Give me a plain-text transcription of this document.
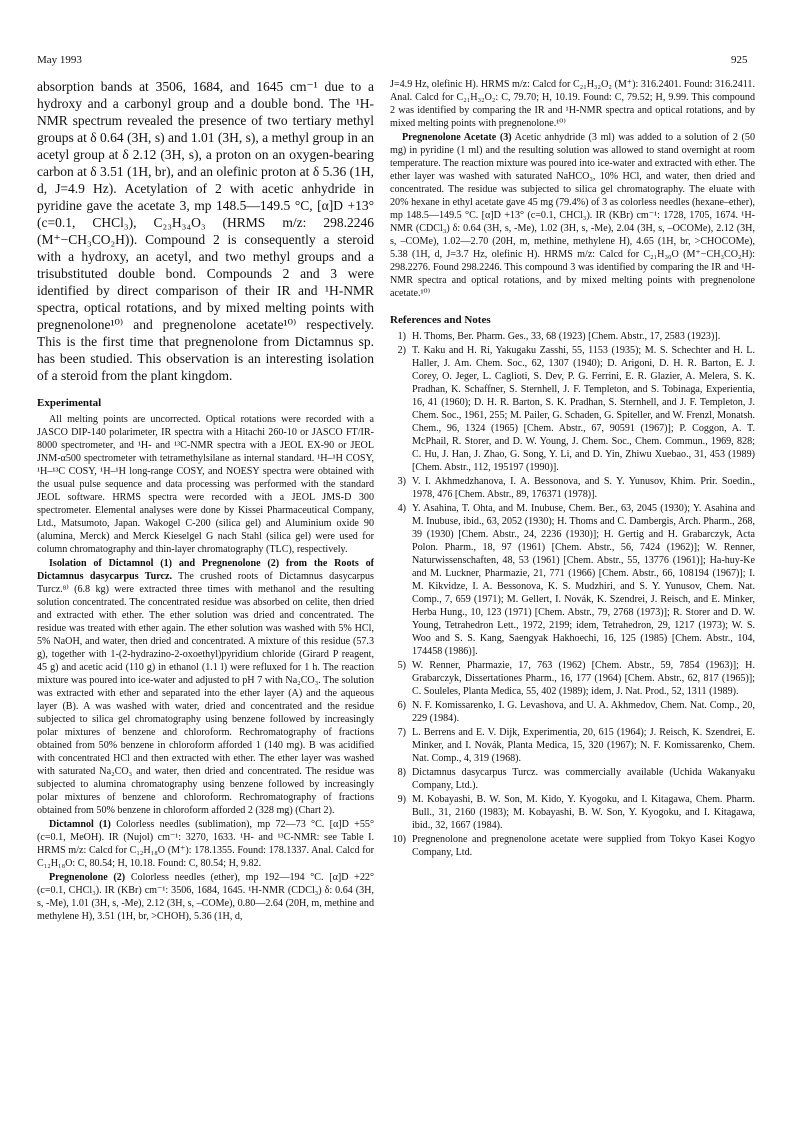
May 1993	925

absorption bands at 3506, 1684, and 1645 cm⁻¹ due to a hydroxy and a carbonyl group and a double bond. The ¹H-NMR spectrum revealed the presence of two tertiary methyl groups at δ 0.64 (3H, s) and 1.01 (3H, s), a methyl group in an acetyl group at δ 2.12 (3H, s), a proton on an oxygen-bearing carbon at δ 3.51 (1H, br), and an olefinic proton at δ 5.36 (1H, d, J=4.9 Hz). Acetylation of 2 with acetic anhydride in pyridine gave the acetate 3, mp 148.5—149.5 °C, [α]D +13° (c=0.1, CHCl₃), C₂₃H₃₄O₃ (HRMS m/z: 298.2246 (M⁺−CH₃CO₂H)). Compound 2 is consequently a steroid with a hydroxy, an acetyl, and two methyl groups and a trisubstituted double bond. Compounds 2 and 3 were identified by direct comparison of their IR and ¹H-NMR spectra, optical rotations, and by mixed melting points with pregnenolone¹⁰⁾ and pregnenolone acetate¹⁰⁾ respectively. This is the first time that pregnenolone from Dictamnus sp. has been studied. This observation is an interesting isolation of a steroid from the plant kingdom.

Experimental

All melting points are uncorrected. Optical rotations were recorded with a JASCO DIP-140 polarimeter, IR spectra with a Hitachi 260-10 or JASCO FT/IR-8000 spectrometer, and ¹H- and ¹³C-NMR spectra with a JEOL EX-90 or JEOL JNM-α500 spectrometer with tetramethylsilane as internal standard. ¹H–¹H COSY, ¹H–¹³C COSY, ¹H–¹H long-range COSY, and NOESY spectra were obtained with the usual pulse sequence and data processing was performed with the standard JEOL software. HRMS spectra were recorded with a JEOL JMS-D 300 spectrometer. Elemental analyses were done by Kissei Pharmaceutical Company, Ltd., Matsumoto, Japan. Wakogel C-200 (silica gel) and Aluminium oxide 90 (alumina, Merck) and Merck Kieselgel G nach Stahl (silica gel) were used for column chromatography and thin-layer chromatography (TLC), respectively.

Isolation of Dictamnol (1) and Pregnenolone (2) from the Roots of Dictamnus dasycarpus Turcz. The crushed roots of Dictamnus dasycarpus Turcz.⁸⁾ (6.8 kg) were extracted three times with methanol and the resulting solution concentrated. The concentrated residue was absorbed on celite, then dried and extracted with ether. The ether solution was dried and concentrated. The residue was treated with ether again. The ether solution was washed with 5% HCl, 5% NaOH, and water, then dried and concentrated. A mixture of this residue (57.3 g), together with 1-(2-hydrazino-2-oxoethyl)pyridium chloride (Girard P reagent, 45 g) and acetic acid (110 g) in ethanol (1.1 l) were refluxed for 1 h. The reaction mixture was poured into ice-water and adjusted to pH 7 with Na₂CO₃. The solution was extracted with ether and separated into the ether layer (A) and the aqueous layer (B). A was washed with water, dried and concentrated and the residue subjected to silica gel chromatography using benzene followed by increasingly polar mixtures of benzene and chloroform. Rechromatography of fractions obtained from 50% benzene in chloroform afforded 1 (140 mg). B was acidified with concentrated HCl and then extracted with ether. The ether layer was washed with saturated Na₂CO₃ and water, then dried and concentrated. The residue was subjected to alumina chromatography using benzene followed by increasingly polar mixtures of benzene and chloroform. Rechromatography of fractions obtained from 50% benzene in chloroform afforded 2 (328 mg) (Chart 2).

Dictamnol (1) Colorless needles (sublimation), mp 72—73 °C. [α]D +55° (c=0.1, MeOH). IR (Nujol) cm⁻¹: 3270, 1633. ¹H- and ¹³C-NMR: see Table I. HRMS m/z: Calcd for C₁₂H₁₈O (M⁺): 178.1355. Found: 178.1337. Anal. Calcd for C₁₂H₁₈O: C, 80.54; H, 10.18. Found: C, 80.54; H, 9.82.

Pregnenolone (2) Colorless needles (ether), mp 192—194 °C. [α]D +22° (c=0.1, CHCl₃). IR (KBr) cm⁻¹: 3506, 1684, 1645. ¹H-NMR (CDCl₃) δ: 0.64 (3H, s, -Me), 1.01 (3H, s, -Me), 2.12 (3H, s, –COMe), 0.80—2.64 (20H, m, methine and methylene H), 3.51 (1H, br, >CHOH), 5.36 (1H, d,

J=4.9 Hz, olefinic H). HRMS m/z: Calcd for C₂₁H₃₂O₂ (M⁺): 316.2401. Found: 316.2411. Anal. Calcd for C₂₁H₃₂O₂: C, 79.70; H, 10.19. Found: C, 79.52; H, 9.99. This compound 2 was identified by comparing the IR and ¹H-NMR spectra and optical rotations, and by mixed melting points with pregnenolone.¹⁰⁾

Pregnenolone Acetate (3) Acetic anhydride (3 ml) was added to a solution of 2 (50 mg) in pyridine (1 ml) and the resulting solution was allowed to stand overnight at room temperature. The reaction mixture was poured into ice-water and extracted with ether. The ether layer was washed with saturated NaHCO₃, 10% HCl, and water, then dried and concentrated. The residue was subjected to silica gel chromatography. The eluate with 20% hexane in ethyl acetate gave 45 mg (79.4%) of 3 as colorless needles (hexane–ether), mp 148.5—149.5 °C. [α]D +13° (c=0.1, CHCl₃). IR (KBr) cm⁻¹: 1728, 1705, 1674. ¹H-NMR (CDCl₃) δ: 0.64 (3H, s, -Me), 1.02 (3H, s, -Me), 2.04 (3H, s, –OCOMe), 2.12 (3H, s, –COMe), 1.02—2.70 (20H, m, methine, methylene H), 4.65 (1H, br, >CHOCOMe), 5.38 (1H, d, J=3.7 Hz, olefinic H). HRMS m/z: Calcd for C₂₁H₃₀O (M⁺−CH₃CO₂H): 298.2276. Found 298.2246. This compound 3 was identified by comparing the IR and ¹H-NMR spectra and optical rotations, and by mixed melting points with pregnenolone acetate.¹⁰⁾

References and Notes
1) H. Thoms, Ber. Pharm. Ges., 33, 68 (1923) [Chem. Abstr., 17, 2583 (1923)].
2) T. Kaku and H. Ri, Yakugaku Zasshi, 55, 1153 (1935); M. S. Schechter and H. L. Haller, J. Am. Chem. Soc., 62, 1307 (1940); D. Arigoni, D. H. R. Barton, E. J. Corey, O. Jeger, L. Caglioti, S. Dev, P. G. Ferrini, E. R. Glazier, A. Melera, S. K. Pradhan, K. Schaffner, S. Sternhell, J. F. Templeton, and S. Tobinaga, Experientia, 16, 41 (1960); D. H. R. Barton, S. K. Pradhan, S. Sternhell, and J. F. Templeton, J. Chem. Soc., 1961, 255; M. Pailer, G. Schaden, G. Spiteller, and W. Frenzl, Monatsh. Chem., 96, 1324 (1965) [Chem. Abstr., 67, 90591 (1967)]; P. Coggon, A. T. McPhail, R. Storer, and D. W. Young, J. Chem. Soc., Chem. Commun., 1969, 828; C. Hu, J. Han, J. Zhao, G. Song, Y. Li, and D. Yin, Zhiwu Xuebao., 31, 453 (1989) [Chem. Abstr., 112, 195197 (1990)].
3) V. I. Akhmedzhanova, I. A. Bessonova, and S. Y. Yunusov, Khim. Prir. Soedin., 1978, 476 [Chem. Abstr., 89, 176371 (1978)].
4) Y. Asahina, T. Ohta, and M. Inubuse, Chem. Ber., 63, 2045 (1930); Y. Asahina and M. Inubuse, ibid., 63, 2052 (1930); H. Thoms and C. Dambergis, Arch. Pharm., 268, 39 (1930) [Chem. Abstr., 24, 2236 (1930)]; H. Gertig and H. Grabarczyk, Acta Polon. Pharm., 18, 97 (1961) [Chem. Abstr., 56, 7424 (1962)]; W. Renner, Naturwissenschaften, 48, 53 (1961) [Chem. Abstr., 55, 13776 (1961)]; Ha-huy-Ke and M. Luckner, Pharmazie, 21, 771 (1966) [Chem. Abstr., 66, 108194 (1967)]; I. M. Kikvidze, I. A. Bessonova, K. S. Mudzhiri, and S. Y. Yunusov, Chem. Nat. Comp., 7, 659 (1971); M. Gellert, I. Novák, K. Szendrei, J. Reisch, and E. Minker, Herba Hung., 10, 123 (1971) [Chem. Abstr., 79, 2768 (1973)]; R. Storer and D. W. Young, Tetrahedron Lett., 1972, 2199; idem, Tetrahedron, 29, 1217 (1973); W. S. Woo and S. S. Kang, Saengyak Hakhoechi, 16, 125 (1985) [Chem. Abstr., 104, 174458 (1986)].
5) W. Renner, Pharmazie, 17, 763 (1962) [Chem. Abstr., 59, 7854 (1963)]; H. Grabarczyk, Dissertationes Pharm., 16, 177 (1964) [Chem. Abstr., 62, 817 (1965)]; C. Souleles, Planta Medica, 55, 402 (1989); idem, J. Nat. Prod., 52, 1311 (1989).
6) N. F. Komissarenko, I. G. Levashova, and U. A. Akhmedov, Chem. Nat. Comp., 20, 229 (1984).
7) L. Berrens and E. V. Dijk, Experimentia, 20, 615 (1964); J. Reisch, K. Szendrei, E. Minker, and I. Novák, Planta Medica, 15, 320 (1967); N. F. Komissarenko, Chem. Nat. Comp., 4, 319 (1968).
8) Dictamnus dasycarpus Turcz. was commercially available (Uchida Wakanyaku Company, Ltd.).
9) M. Kobayashi, B. W. Son, M. Kido, Y. Kyogoku, and I. Kitagawa, Chem. Pharm. Bull., 31, 2160 (1983); M. Kobayashi, B. W. Son, Y. Kyogoku, and I. Kitagawa, ibid., 32, 1667 (1984).
10) Pregnenolone and pregnenolone acetate were supplied from Tokyo Kasei Kogyo Company, Ltd.
